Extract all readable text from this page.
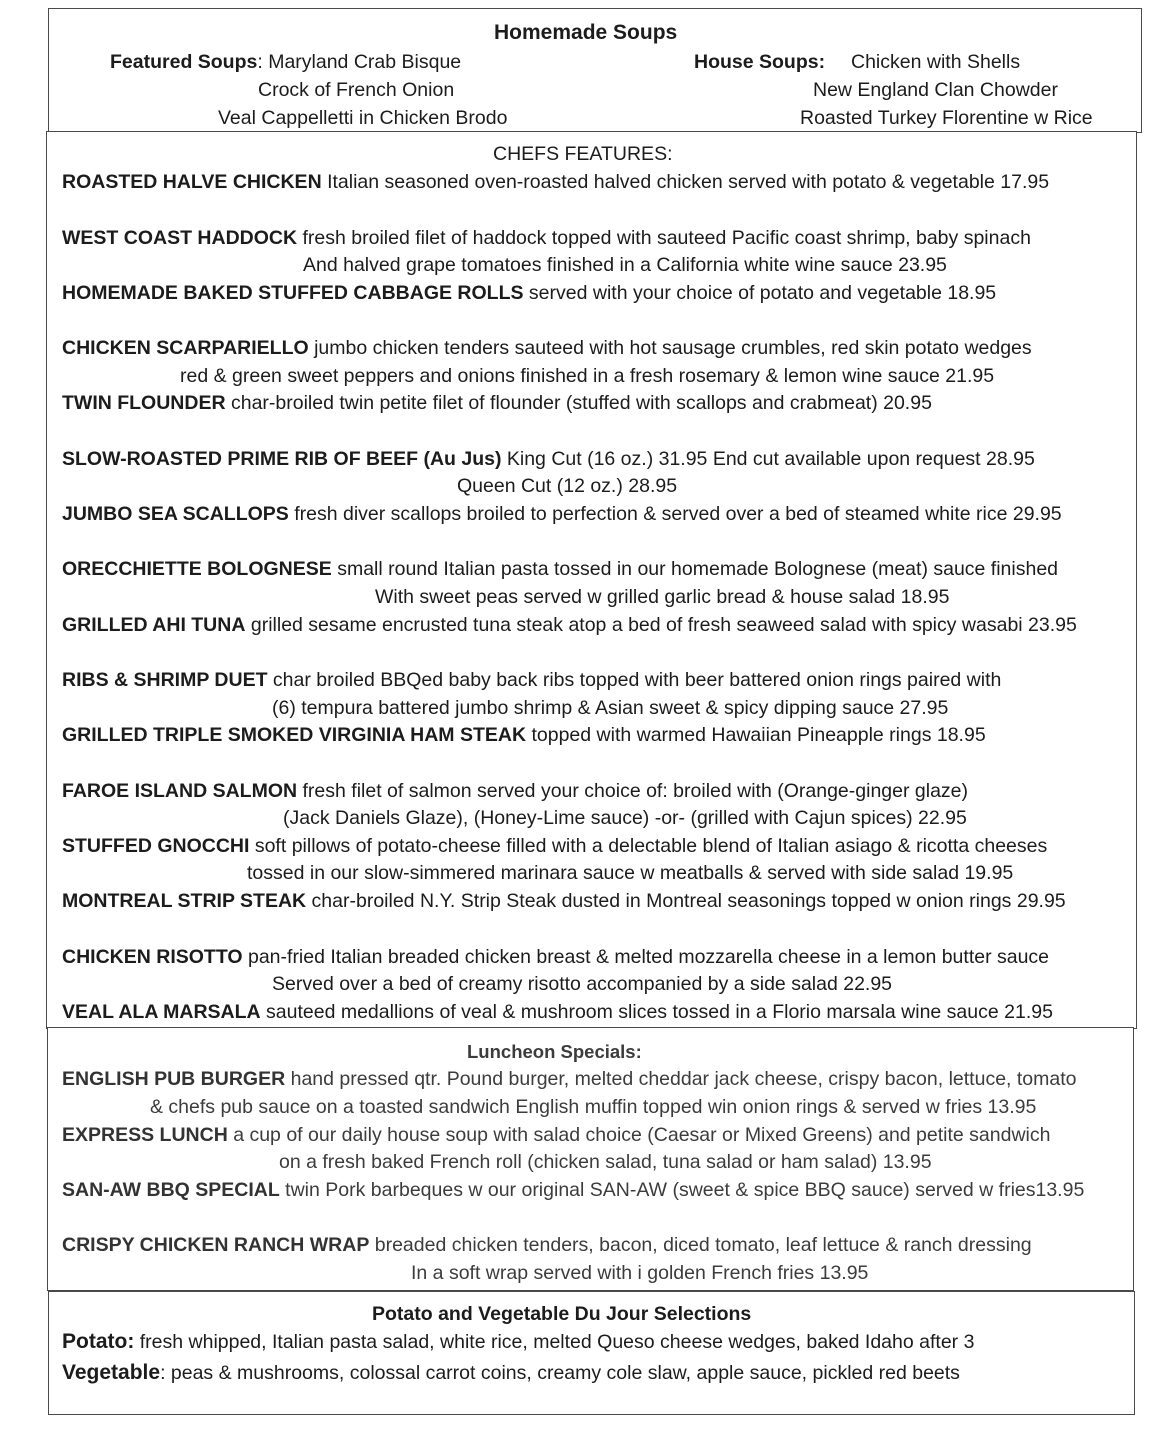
Homemade Soups
Featured Soups: Maryland Crab Bisque
Crock of French Onion
Veal Cappelletti in Chicken Brodo
House Soups: Chicken with Shells
New England Clan Chowder
Roasted Turkey Florentine w Rice
CHEFS FEATURES:
ROASTED HALVE CHICKEN Italian seasoned oven-roasted halved chicken served with potato & vegetable 17.95
WEST COAST HADDOCK fresh broiled filet of haddock topped with sauteed Pacific coast shrimp, baby spinach
And halved grape tomatoes finished in a California white wine sauce 23.95
HOMEMADE BAKED STUFFED CABBAGE ROLLS served with your choice of potato and vegetable 18.95
CHICKEN SCARPARIELLO jumbo chicken tenders sauteed with hot sausage crumbles, red skin potato wedges
red & green sweet peppers and onions finished in a fresh rosemary & lemon wine sauce 21.95
TWIN FLOUNDER char-broiled twin petite filet of flounder (stuffed with scallops and crabmeat) 20.95
SLOW-ROASTED PRIME RIB OF BEEF (Au Jus) King Cut (16 oz.) 31.95 End cut available upon request 28.95
Queen Cut (12 oz.) 28.95
JUMBO SEA SCALLOPS fresh diver scallops broiled to perfection & served over a bed of steamed white rice 29.95
ORECCHIETTE BOLOGNESE small round Italian pasta tossed in our homemade Bolognese (meat) sauce finished
With sweet peas served w grilled garlic bread & house salad 18.95
GRILLED AHI TUNA grilled sesame encrusted tuna steak atop a bed of fresh seaweed salad with spicy wasabi 23.95
RIBS & SHRIMP DUET char broiled BBQed baby back ribs topped with beer battered onion rings paired with
(6) tempura battered jumbo shrimp & Asian sweet & spicy dipping sauce 27.95
GRILLED TRIPLE SMOKED VIRGINIA HAM STEAK topped with warmed Hawaiian Pineapple rings 18.95
FAROE ISLAND SALMON fresh filet of salmon served your choice of: broiled with (Orange-ginger glaze)
(Jack Daniels Glaze), (Honey-Lime sauce) -or- (grilled with Cajun spices) 22.95
STUFFED GNOCCHI soft pillows of potato-cheese filled with a delectable blend of Italian asiago & ricotta cheeses
tossed in our slow-simmered marinara sauce w meatballs & served with side salad 19.95
MONTREAL STRIP STEAK char-broiled N.Y. Strip Steak dusted in Montreal seasonings topped w onion rings 29.95
CHICKEN RISOTTO pan-fried Italian breaded chicken breast & melted mozzarella cheese in a lemon butter sauce
Served over a bed of creamy risotto accompanied by a side salad 22.95
VEAL ALA MARSALA sauteed medallions of veal & mushroom slices tossed in a Florio marsala wine sauce 21.95
Luncheon Specials:
ENGLISH PUB BURGER hand pressed qtr. Pound burger, melted cheddar jack cheese, crispy bacon, lettuce, tomato
& chefs pub sauce on a toasted sandwich English muffin topped win onion rings & served w fries 13.95
EXPRESS LUNCH a cup of our daily house soup with salad choice (Caesar or Mixed Greens) and petite sandwich
on a fresh baked French roll (chicken salad, tuna salad or ham salad) 13.95
SAN-AW BBQ SPECIAL twin Pork barbeques w our original SAN-AW (sweet & spice BBQ sauce) served w fries13.95
CRISPY CHICKEN RANCH WRAP breaded chicken tenders, bacon, diced tomato, leaf lettuce & ranch dressing
In a soft wrap served with i golden French fries 13.95
Potato and Vegetable Du Jour Selections
Potato: fresh whipped, Italian pasta salad, white rice, melted Queso cheese wedges, baked Idaho after 3
Vegetable: peas & mushrooms, colossal carrot coins, creamy cole slaw, apple sauce, pickled red beets
